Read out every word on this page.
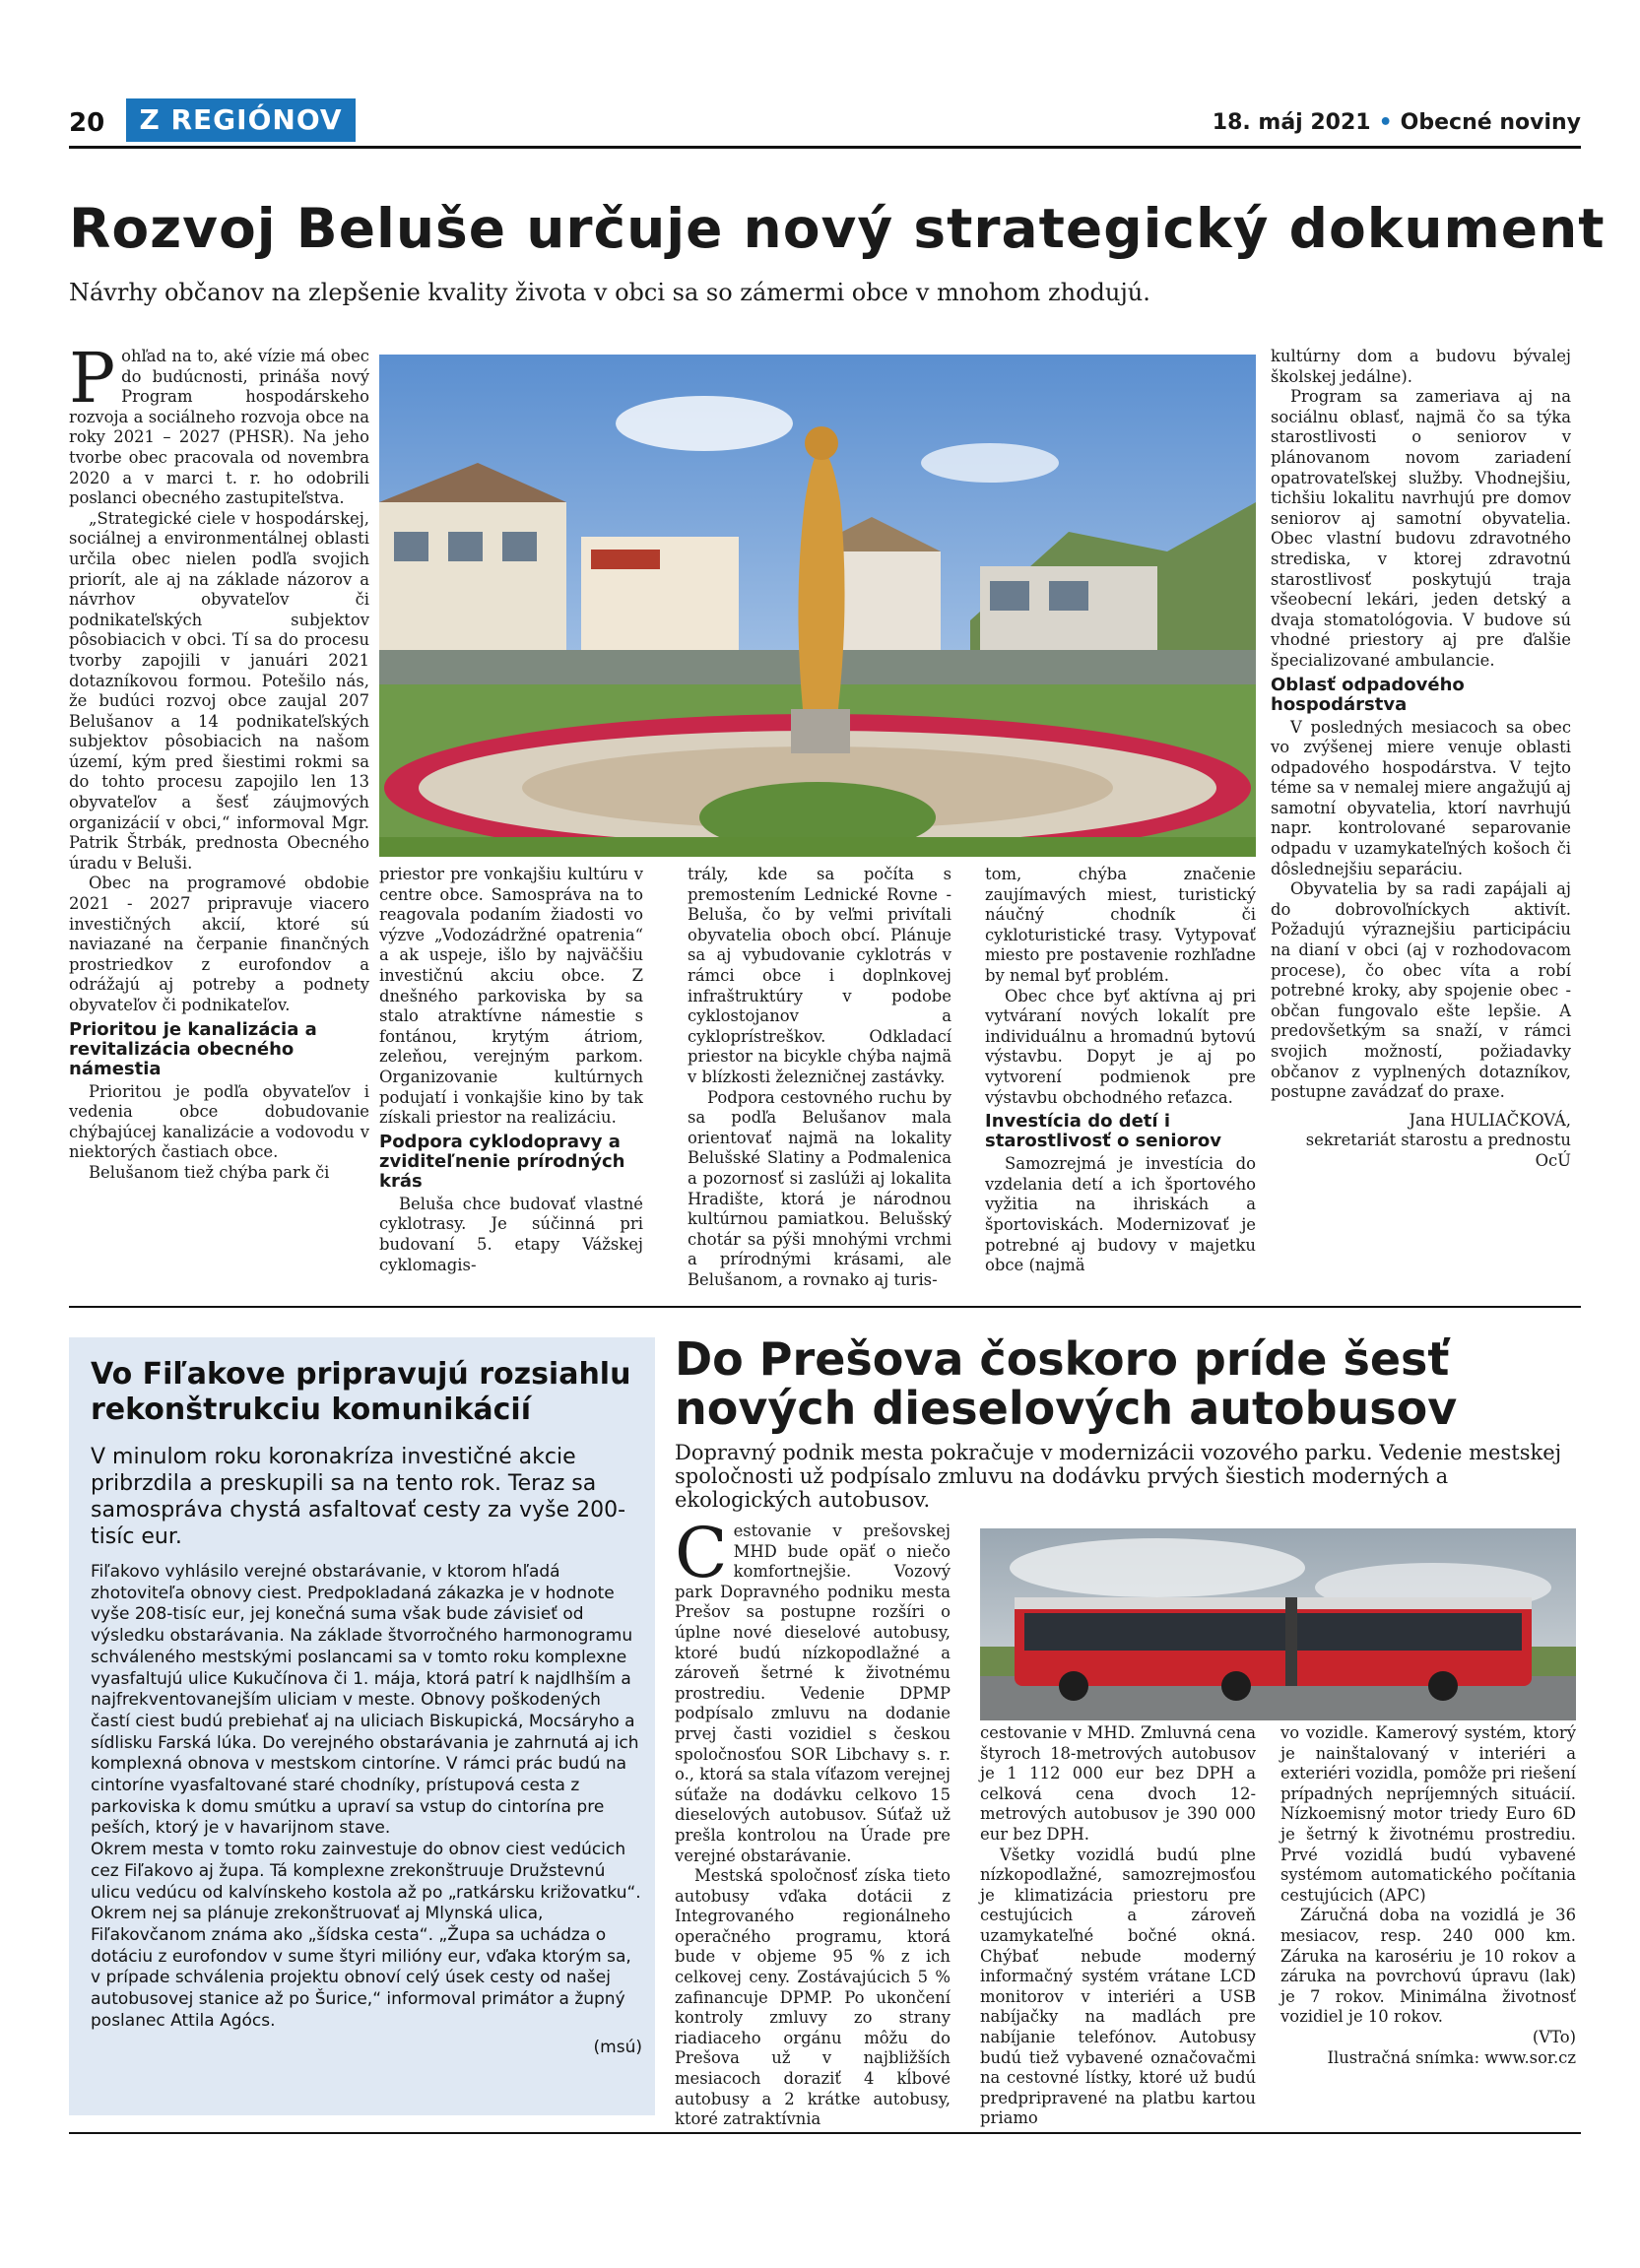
20	Z REGIÓNOV	18. máj 2021 • Obecné noviny
Rozvoj Beluše určuje nový strategický dokument
Návrhy občanov na zlepšenie kvality života v obci sa so zámermi obce v mnohom zhodujú.

Pohľad na to, aké vízie má obec do budúcnosti, prináša nový Program hospodárskeho rozvoja a sociálneho rozvoja obce na roky 2021 – 2027 (PHSR). Na jeho tvorbe obec pracovala od novembra 2020 a v marci t. r. ho odobrili poslanci obecného zastupiteľstva.

„Strategické ciele v hospodárskej, sociálnej a environmentálnej oblasti určila obec nielen podľa svojich priorít, ale aj na základe názorov a návrhov obyvateľov či podnikateľských subjektov pôsobiacich v obci. Tí sa do procesu tvorby zapojili v januári 2021 dotazníkovou formou. Potešilo nás, že budúci rozvoj obce zaujal 207 Belušanov a 14 podnikateľských subjektov pôsobiacich na našom území, kým pred šiestimi rokmi sa do tohto procesu zapojilo len 13 obyvateľov a šesť záujmových organizácií v obci,“ informoval Mgr. Patrik Štrbák, prednosta Obecného úradu v Beluši.

Obec na programové obdobie 2021 - 2027 pripravuje viacero investičných akcií, ktoré sú naviazané na čerpanie finančných prostriedkov z eurofondov a odrážajú aj potreby a podnety obyvateľov či podnikateľov.

Prioritou je kanalizácia a revitalizácia obecného námestia

Prioritou je podľa obyvateľov i vedenia obce dobudovanie chýbajúcej kanalizácie a vodovodu v niektorých častiach obce.

Belušanom tiež chýba park či

priestor pre vonkajšiu kultúru v centre obce. Samospráva na to reagovala podaním žiadosti vo výzve „Vodozádržné opatrenia“ a ak uspeje, išlo by najväčšiu investičnú akciu obce. Z dnešného parkoviska by sa stalo atraktívne námestie s fontánou, krytým átriom, zeleňou, verejným parkom. Organizovanie kultúrnych podujatí i vonkajšie kino by tak získali priestor na realizáciu.

Podpora cyklodopravy a zviditeľnenie prírodných krás

Beluša chce budovať vlastné cyklotrasy. Je súčinná pri budovaní 5. etapy Vážskej cyklomagis-

trály, kde sa počíta s premostením Lednické Rovne - Beluša, čo by veľmi privítali obyvatelia oboch obcí. Plánuje sa aj vybudovanie cyklotrás v rámci obce i doplnkovej infraštruktúry v podobe cyklostojanov a cykloprístreškov. Odkladací priestor na bicykle chýba najmä v blízkosti železničnej zastávky.

Podpora cestovného ruchu by sa podľa Belušanov mala orientovať najmä na lokality Belušské Slatiny a Podmalenica a pozornosť si zaslúži aj lokalita Hradište, ktorá je národnou kultúrnou pamiatkou. Belušský chotár sa pýši mnohými vrchmi a prírodnými krásami, ale Belušanom, a rovnako aj turis-

tom, chýba značenie zaujímavých miest, turistický náučný chodník či cykloturistické trasy. Vytypovať miesto pre postavenie rozhľadne by nemal byť problém.

Obec chce byť aktívna aj pri vytváraní nových lokalít pre individuálnu a hromadnú bytovú výstavbu. Dopyt je aj po vytvorení podmienok pre výstavbu obchodného reťazca.

Investícia do detí i starostlivosť o seniorov

Samozrejmá je investícia do vzdelania detí a ich športového vyžitia na ihriskách a športoviskách. Modernizovať je potrebné aj budovy v majetku obce (najmä

kultúrny dom a budovu bývalej školskej jedálne).

Program sa zameriava aj na sociálnu oblasť, najmä čo sa týka starostlivosti o seniorov v plánovanom novom zariadení opatrovateľskej služby. Vhodnejšiu, tichšiu lokalitu navrhujú pre domov seniorov aj samotní obyvatelia. Obec vlastní budovu zdravotného strediska, v ktorej zdravotnú starostlivosť poskytujú traja všeobecní lekári, jeden detský a dvaja stomatológovia. V budove sú vhodné priestory aj pre ďalšie špecializované ambulancie.

Oblasť odpadového hospodárstva

V posledných mesiacoch sa obec vo zvýšenej miere venuje oblasti odpadového hospodárstva. V tejto téme sa v nemalej miere angažujú aj samotní obyvatelia, ktorí navrhujú napr. kontrolované separovanie odpadu v uzamykateľných košoch či dôslednejšiu separáciu.

Obyvatelia by sa radi zapájali aj do dobrovoľníckych aktivít. Požadujú výraznejšiu participáciu na dianí v obci (aj v rozhodovacom procese), čo obec víta a robí potrebné kroky, aby spojenie obec - občan fungovalo ešte lepšie. A predovšetkým sa snaží, v rámci svojich možností, požiadavky občanov z vyplnených dotazníkov, postupne zavádzať do praxe.

Jana HULIAČKOVÁ,
sekretariát starostu a prednostu OcÚ
Vo Fiľakove pripravujú rozsiahlu rekonštrukciu komunikácií
V minulom roku koronakríza investičné akcie pribrzdila a preskupili sa na tento rok. Teraz sa samospráva chystá asfaltovať cesty za vyše 200-tisíc eur.
Fiľakovo vyhlásilo verejné obstarávanie, v ktorom hľadá zhotoviteľa obnovy ciest. Predpokladaná zákazka je v hodnote vyše 208-tisíc eur, jej konečná suma však bude závisieť od výsledku obstarávania. Na základe štvorročného harmonogramu schváleného mestskými poslancami sa v tomto roku komplexne vyasfaltujú ulice Kukučínova či 1. mája, ktorá patrí k najdlhším a najfrekventovanejším uliciam v meste. Obnovy poškodených častí ciest budú prebiehať aj na uliciach Biskupická, Mocsáryho a sídlisku Farská lúka. Do verejného obstarávania je zahrnutá aj ich komplexná obnova v mestskom cintoríne. V rámci prác budú na cintoríne vyasfaltované staré chodníky, prístupová cesta z parkoviska k domu smútku a upraví sa vstup do cintorína pre peších, ktorý je v havarijnom stave.
Okrem mesta v tomto roku zainvestuje do obnov ciest vedúcich cez Fiľakovo aj župa. Tá komplexne zrekonštruuje Družstevnú ulicu vedúcu od kalvínskeho kostola až po „ratkársku križovatku“. Okrem nej sa plánuje zrekonštruovať aj Mlynská ulica, Fiľakovčanom známa ako „šídska cesta“. „Župa sa uchádza o dotáciu z eurofondov v sume štyri milióny eur, vďaka ktorým sa, v prípade schválenia projektu obnoví celý úsek cesty od našej autobusovej stanice až po Šurice,“ informoval primátor a župný poslanec Attila Agócs.
(msú)
Do Prešova čoskoro príde šesť nových dieselových autobusov
Dopravný podnik mesta pokračuje v modernizácii vozového parku. Vedenie mestskej spoločnosti už podpísalo zmluvu na dodávku prvých šiestich moderných a ekologických autobusov.

Cestovanie v prešovskej MHD bude opäť o niečo komfortnejšie. Vozový park Dopravného podniku mesta Prešov sa postupne rozšíri o úplne nové dieselové autobusy, ktoré budú nízkopodlažné a zároveň šetrné k životnému prostrediu. Vedenie DPMP podpísalo zmluvu na dodanie prvej časti vozidiel s českou spoločnosťou SOR Libchavy s. r. o., ktorá sa stala víťazom verejnej súťaže na dodávku celkovo 15 dieselových autobusov. Súťaž už prešla kontrolou na Úrade pre verejné obstarávanie.

Mestská spoločnosť získa tieto autobusy vďaka dotácii z Integrovaného regionálneho operačného programu, ktorá bude v objeme 95 % z ich celkovej ceny. Zostávajúcich 5 % zafinancuje DPMP. Po ukončení kontroly zmluvy zo strany riadiaceho orgánu môžu do Prešova už v najbližších mesiacoch doraziť 4 kĺbové autobusy a 2 krátke autobusy, ktoré zatraktívnia

cestovanie v MHD. Zmluvná cena štyroch 18-metrových autobusov je 1 112 000 eur bez DPH a celková cena dvoch 12-metrových autobusov je 390 000 eur bez DPH.

Všetky vozidlá budú plne nízkopodlažné, samozrejmosťou je klimatizácia priestoru pre cestujúcich a zároveň uzamykateľné bočné okná. Chýbať nebude moderný informačný systém vrátane LCD monitorov v interiéri a USB nabíjačky na madlách pre nabíjanie telefónov. Autobusy budú tiež vybavené označovačmi na cestovné lístky, ktoré už budú predpripravené na platbu kartou priamo

vo vozidle. Kamerový systém, ktorý je nainštalovaný v interiéri a exteriéri vozidla, pomôže pri riešení prípadných nepríjemných situácií. Nízkoemisný motor triedy Euro 6D je šetrný k životnému prostrediu. Prvé vozidlá budú vybavené systémom automatického počítania cestujúcich (APC)

Záručná doba na vozidlá je 36 mesiacov, resp. 240 000 km. Záruka na karosériu je 10 rokov a záruka na povrchovú úpravu (lak) je 7 rokov. Minimálna životnosť vozidiel je 10 rokov.

(VTo)
Ilustračná snímka: www.sor.cz
